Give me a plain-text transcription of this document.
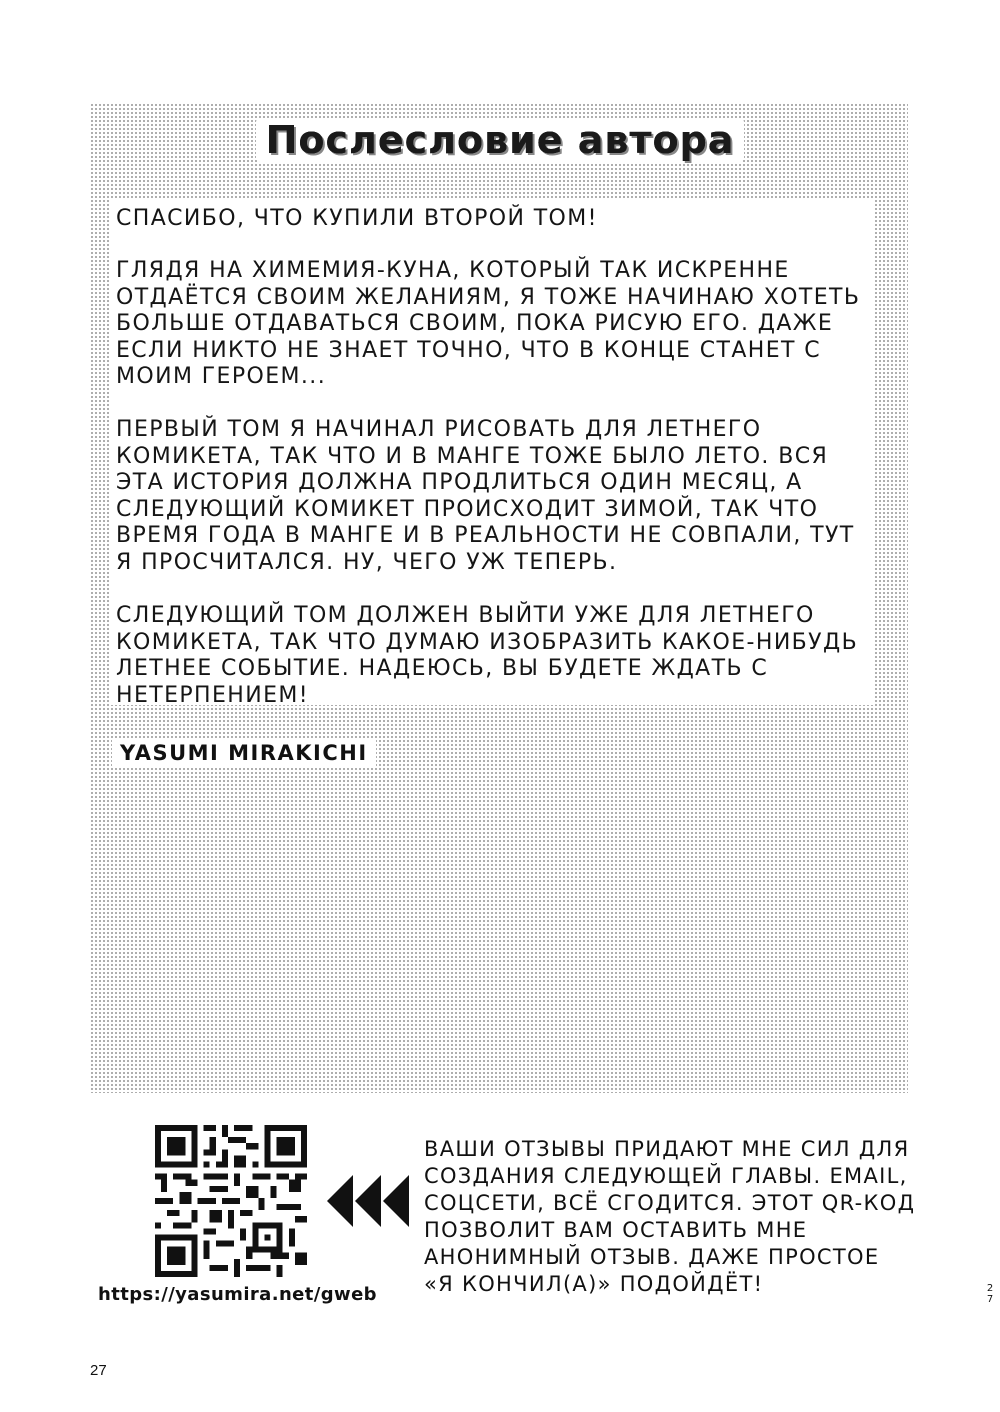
Послесловие автора

СПАСИБО, ЧТО КУПИЛИ ВТОРОЙ ТОМ!

ГЛЯДЯ НА ХИМЕМИЯ-КУНА, КОТОРЫЙ ТАК ИСКРЕННЕ
ОТДАЁТСЯ СВОИМ ЖЕЛАНИЯМ, Я ТОЖЕ НАЧИНАЮ ХОТЕТЬ
БОЛЬШЕ ОТДАВАТЬСЯ СВОИМ, ПОКА РИСУЮ ЕГО. ДАЖЕ
ЕСЛИ НИКТО НЕ ЗНАЕТ ТОЧНО, ЧТО В КОНЦЕ СТАНЕТ С
МОИМ ГЕРОЕМ...

ПЕРВЫЙ ТОМ Я НАЧИНАЛ РИСОВАТЬ ДЛЯ ЛЕТНЕГО
КОМИКЕТА, ТАК ЧТО И В МАНГЕ ТОЖЕ БЫЛО ЛЕТО. ВСЯ
ЭТА ИСТОРИЯ ДОЛЖНА ПРОДЛИТЬСЯ ОДИН МЕСЯЦ, А
СЛЕДУЮЩИЙ КОМИКЕТ ПРОИСХОДИТ ЗИМОЙ, ТАК ЧТО
ВРЕМЯ ГОДА В МАНГЕ И В РЕАЛЬНОСТИ НЕ СОВПАЛИ, ТУТ
Я ПРОСЧИТАЛСЯ. НУ, ЧЕГО УЖ ТЕПЕРЬ.

СЛЕДУЮЩИЙ ТОМ ДОЛЖЕН ВЫЙТИ УЖЕ ДЛЯ ЛЕТНЕГО
КОМИКЕТА, ТАК ЧТО ДУМАЮ ИЗОБРАЗИТЬ КАКОЕ-НИБУДЬ
ЛЕТНЕЕ СОБЫТИЕ. НАДЕЮСЬ, ВЫ БУДЕТЕ ЖДАТЬ С
НЕТЕРПЕНИЕМ!

YASUMI MIRAKICHI
https://yasumira.net/gweb

ВАШИ ОТЗЫВЫ ПРИДАЮТ МНЕ СИЛ ДЛЯ
СОЗДАНИЯ СЛЕДУЮЩЕЙ ГЛАВЫ. EMAIL,
СОЦСЕТИ, ВСЁ СГОДИТСЯ. ЭТОТ QR-КОД
ПОЗВОЛИТ ВАМ ОСТАВИТЬ МНЕ
АНОНИМНЫЙ ОТЗЫВ. ДАЖЕ ПРОСТОЕ
«Я КОНЧИЛ(А)» ПОДОЙДЁТ!	27
27
